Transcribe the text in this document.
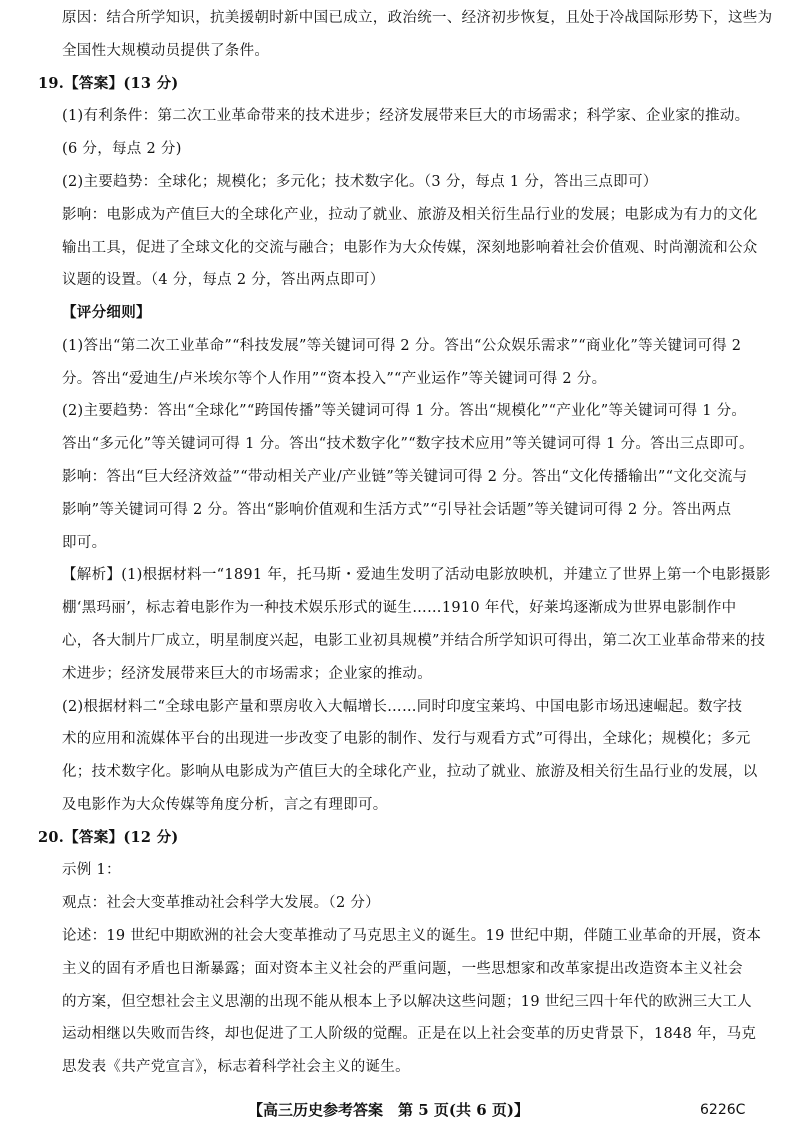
原因：结合所学知识，抗美援朝时新中国已成立，政治统一、经济初步恢复，且处于冷战国际形势下，这些为
全国性大规模动员提供了条件。
19.【答案】(13 分)
(1)有利条件：第二次工业革命带来的技术进步；经济发展带来巨大的市场需求；科学家、企业家的推动。
(6 分，每点 2 分)
(2)主要趋势：全球化；规模化；多元化；技术数字化。（3 分，每点 1 分，答出三点即可）
影响：电影成为产值巨大的全球化产业，拉动了就业、旅游及相关衍生品行业的发展；电影成为有力的文化
输出工具，促进了全球文化的交流与融合；电影作为大众传媒，深刻地影响着社会价值观、时尚潮流和公众
议题的设置。（4 分，每点 2 分，答出两点即可）
【评分细则】
(1)答出“第二次工业革命”“科技发展”等关键词可得 2 分。答出“公众娱乐需求”“商业化”等关键词可得 2
分。答出“爱迪生/卢米埃尔等个人作用”“资本投入”“产业运作”等关键词可得 2 分。
(2)主要趋势：答出“全球化”“跨国传播”等关键词可得 1 分。答出“规模化”“产业化”等关键词可得 1 分。
答出“多元化”等关键词可得 1 分。答出“技术数字化”“数字技术应用”等关键词可得 1 分。答出三点即可。
影响：答出“巨大经济效益”“带动相关产业/产业链”等关键词可得 2 分。答出“文化传播输出”“文化交流与
影响”等关键词可得 2 分。答出“影响价值观和生活方式”“引导社会话题”等关键词可得 2 分。答出两点
即可。
【解析】(1)根据材料一“1891 年，托马斯・爱迪生发明了活动电影放映机，并建立了世界上第一个电影摄影
棚‘黑玛丽’，标志着电影作为一种技术娱乐形式的诞生……1910 年代，好莱坞逐渐成为世界电影制作中
心，各大制片厂成立，明星制度兴起，电影工业初具规模”并结合所学知识可得出，第二次工业革命带来的技
术进步；经济发展带来巨大的市场需求；企业家的推动。
(2)根据材料二“全球电影产量和票房收入大幅增长……同时印度宝莱坞、中国电影市场迅速崛起。数字技
术的应用和流媒体平台的出现进一步改变了电影的制作、发行与观看方式”可得出，全球化；规模化；多元
化；技术数字化。影响从电影成为产值巨大的全球化产业，拉动了就业、旅游及相关衍生品行业的发展，以
及电影作为大众传媒等角度分析，言之有理即可。
20.【答案】(12 分)
示例 1：
观点：社会大变革推动社会科学大发展。（2 分）
论述：19 世纪中期欧洲的社会大变革推动了马克思主义的诞生。19 世纪中期，伴随工业革命的开展，资本
主义的固有矛盾也日渐暴露；面对资本主义社会的严重问题，一些思想家和改革家提出改造资本主义社会
的方案，但空想社会主义思潮的出现不能从根本上予以解决这些问题；19 世纪三四十年代的欧洲三大工人
运动相继以失败而告终，却也促进了工人阶级的觉醒。正是在以上社会变革的历史背景下，1848 年，马克
思发表《共产党宣言》，标志着科学社会主义的诞生。
【高三历史参考答案　第 5 页(共 6 页)】	6226C
